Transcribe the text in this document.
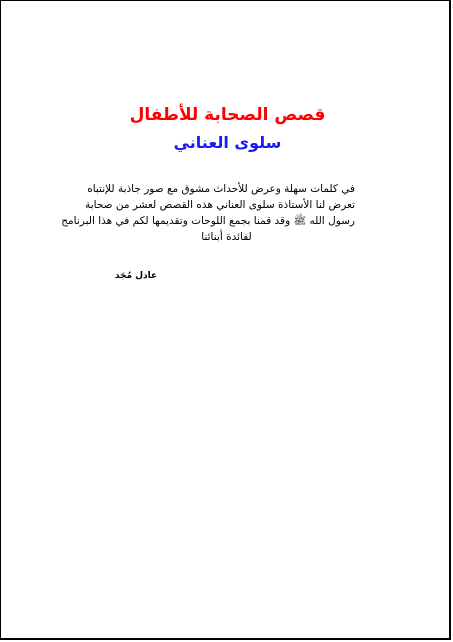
قصص الصحابة للأطفال
سلوى العناني
في كلمات سهلة وعرض للأحداث مشوق مع صور جاذبة للإنتباه
تعرض لنا الأستاذة سلوى العناني هذه القصص لعشر من صحابة
رسول الله ﷺ وقد قمنا بجمع اللوحات وتقديمها لكم في هذا البرنامج
لفائدة أبنائنا
عادل مُجَد
